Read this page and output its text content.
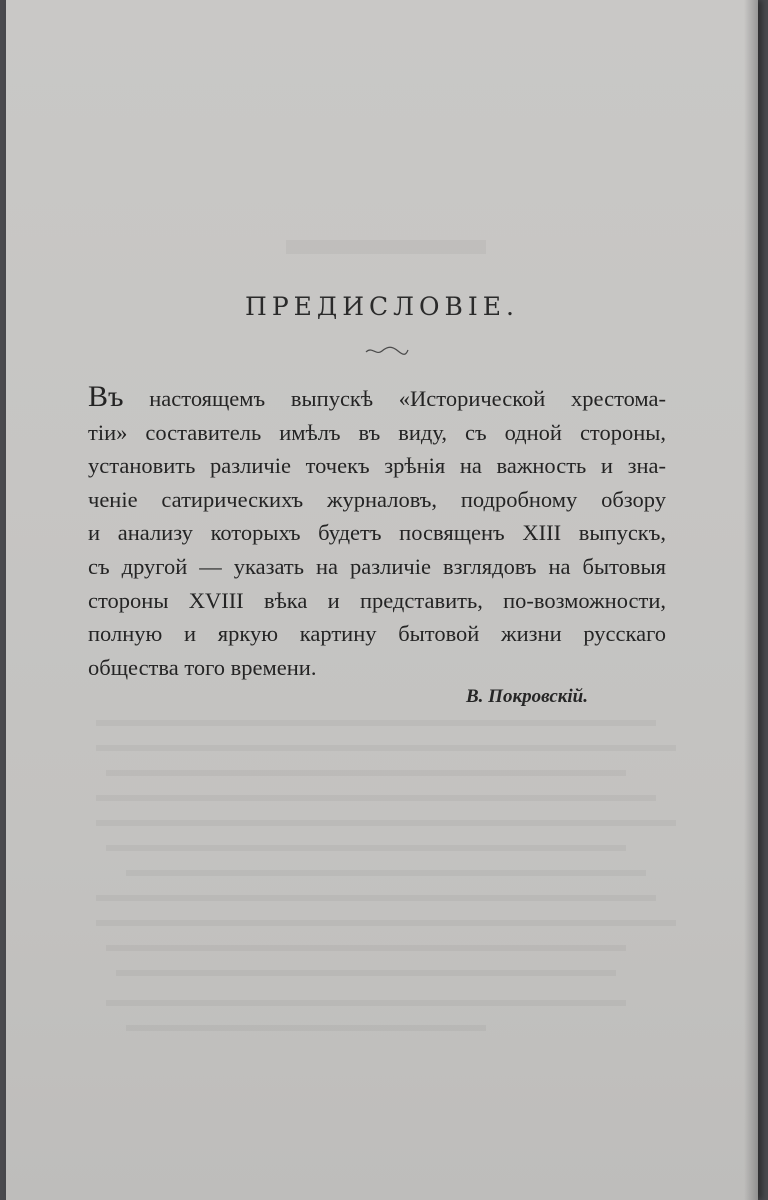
ПРЕДИСЛОВІЕ.
Въ настоящемъ выпускѣ «Исторической хрестома-
тіи» составитель имѣлъ въ виду, съ одной стороны,
установить различіе точекъ зрѣнія на важность и зна-
ченіе сатирическихъ журналовъ, подробному обзору
и анализу которыхъ будетъ посвященъ XIII выпускъ,
съ другой — указать на различіе взглядовъ на бытовыя
стороны XVIII вѣка и представить, по-возможности,
полную и яркую картину бытовой жизни русскаго
общества того времени.
В. Покровскій.
